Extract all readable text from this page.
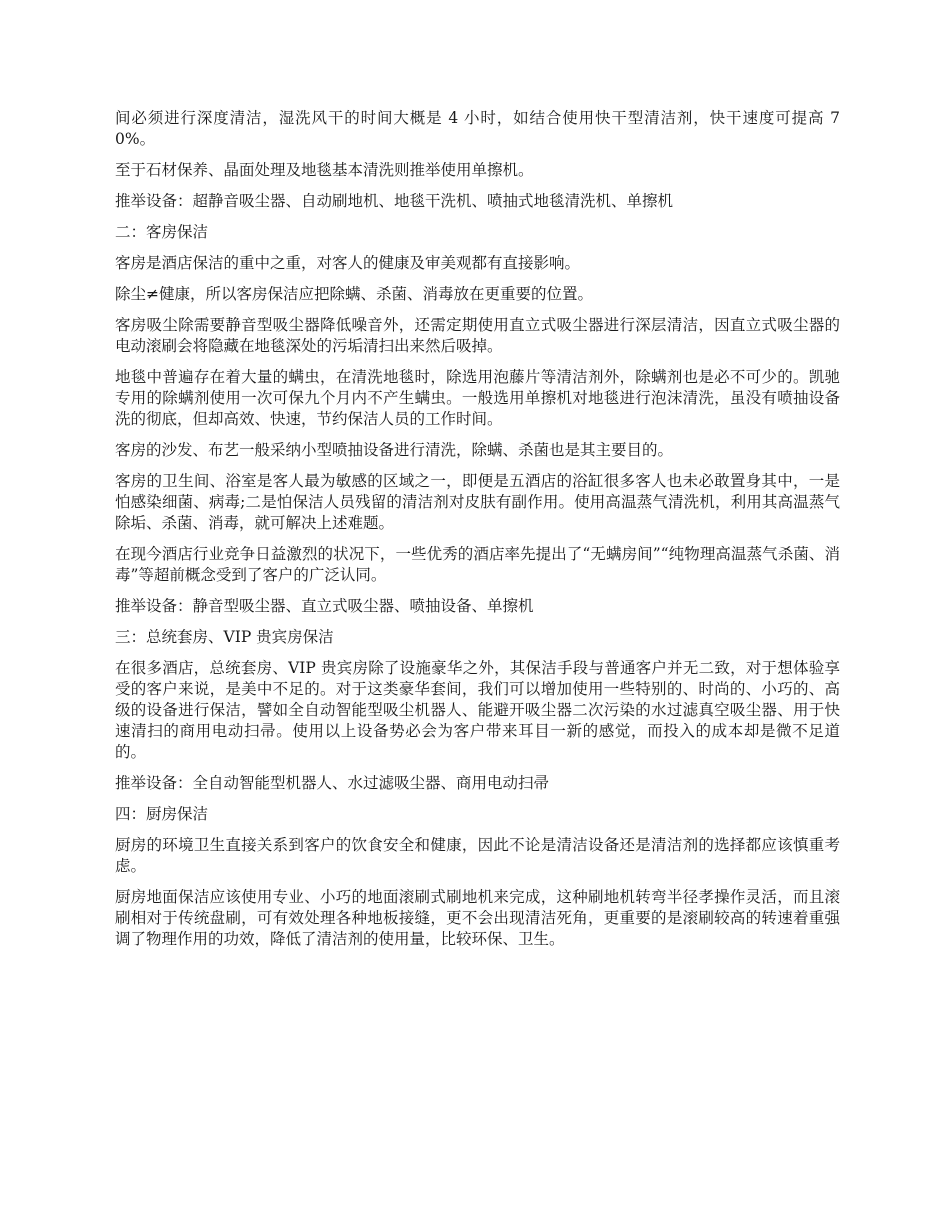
间必须进行深度清洁，湿洗风干的时间大概是 4 小时，如结合使用快干型清洁剂，快干速度可提高 70%。

至于石材保养、晶面处理及地毯基本清洗则推举使用单擦机。

推举设备：超静音吸尘器、自动刷地机、地毯干洗机、喷抽式地毯清洗机、单擦机

二：客房保洁

客房是酒店保洁的重中之重，对客人的健康及审美观都有直接影响。

除尘≠健康，所以客房保洁应把除螨、杀菌、消毒放在更重要的位置。

客房吸尘除需要静音型吸尘器降低噪音外，还需定期使用直立式吸尘器进行深层清洁，因直立式吸尘器的电动滚刷会将隐藏在地毯深处的污垢清扫出来然后吸掉。

地毯中普遍存在着大量的螨虫，在清洗地毯时，除选用泡藤片等清洁剂外，除螨剂也是必不可少的。凯驰专用的除螨剂使用一次可保九个月内不产生螨虫。一般选用单擦机对地毯进行泡沫清洗，虽没有喷抽设备洗的彻底，但却高效、快速，节约保洁人员的工作时间。

客房的沙发、布艺一般采纳小型喷抽设备进行清洗，除螨、杀菌也是其主要目的。

客房的卫生间、浴室是客人最为敏感的区域之一，即便是五酒店的浴缸很多客人也未必敢置身其中，一是怕感染细菌、病毒;二是怕保洁人员残留的清洁剂对皮肤有副作用。使用高温蒸气清洗机，利用其高温蒸气除垢、杀菌、消毒，就可解决上述难题。

在现今酒店行业竞争日益激烈的状况下，一些优秀的酒店率先提出了“无螨房间”“纯物理高温蒸气杀菌、消毒”等超前概念受到了客户的广泛认同。

推举设备：静音型吸尘器、直立式吸尘器、喷抽设备、单擦机

三：总统套房、VIP 贵宾房保洁

在很多酒店，总统套房、VIP 贵宾房除了设施豪华之外，其保洁手段与普通客户并无二致，对于想体验享受的客户来说，是美中不足的。对于这类豪华套间，我们可以增加使用一些特别的、时尚的、小巧的、高级的设备进行保洁，譬如全自动智能型吸尘机器人、能避开吸尘器二次污染的水过滤真空吸尘器、用于快速清扫的商用电动扫帚。使用以上设备势必会为客户带来耳目一新的感觉，而投入的成本却是微不足道的。

推举设备：全自动智能型机器人、水过滤吸尘器、商用电动扫帚

四：厨房保洁

厨房的环境卫生直接关系到客户的饮食安全和健康，因此不论是清洁设备还是清洁剂的选择都应该慎重考虑。

厨房地面保洁应该使用专业、小巧的地面滚刷式刷地机来完成，这种刷地机转弯半径孝操作灵活，而且滚刷相对于传统盘刷，可有效处理各种地板接缝，更不会出现清洁死角，更重要的是滚刷较高的转速着重强调了物理作用的功效，降低了清洁剂的使用量，比较环保、卫生。
